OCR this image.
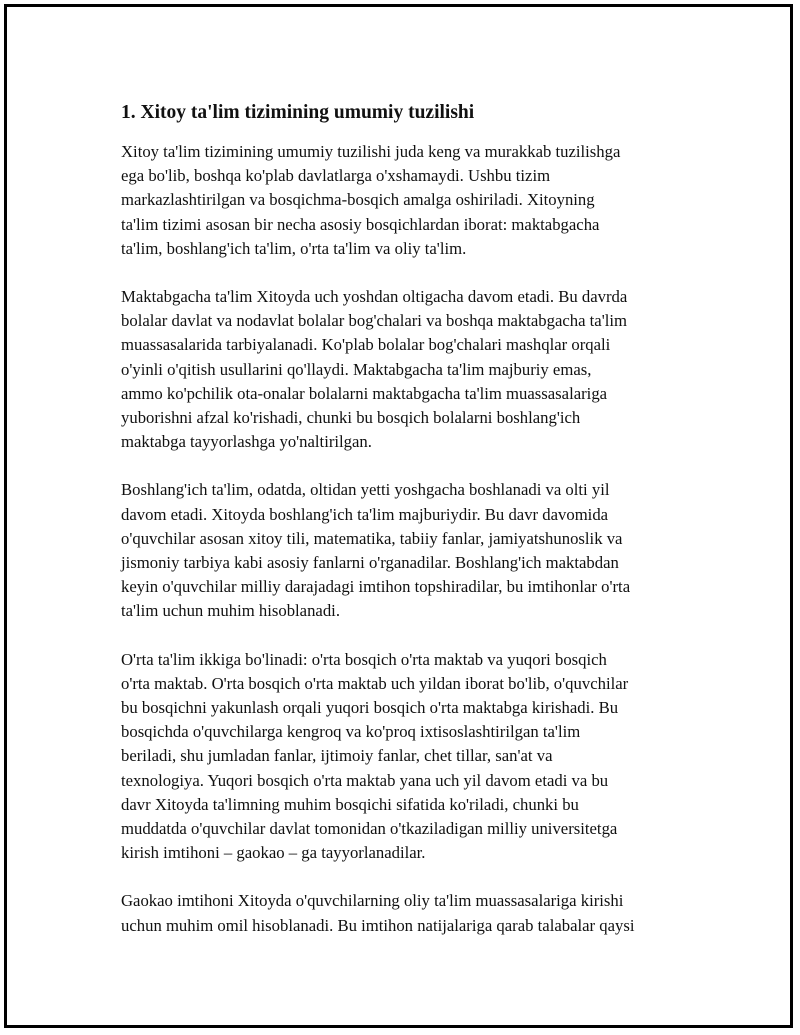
1. Xitoy ta'lim tizimining umumiy tuzilishi

Xitoy ta'lim tizimining umumiy tuzilishi juda keng va murakkab tuzilishga
ega bo'lib, boshqa ko'plab davlatlarga o'xshamaydi. Ushbu tizim
markazlashtirilgan va bosqichma-bosqich amalga oshiriladi. Xitoyning
ta'lim tizimi asosan bir necha asosiy bosqichlardan iborat: maktabgacha
ta'lim, boshlang'ich ta'lim, o'rta ta'lim va oliy ta'lim.

Maktabgacha ta'lim Xitoyda uch yoshdan oltigacha davom etadi. Bu davrda
bolalar davlat va nodavlat bolalar bog'chalari va boshqa maktabgacha ta'lim
muassasalarida tarbiyalanadi. Ko'plab bolalar bog'chalari mashqlar orqali
o'yinli o'qitish usullarini qo'llaydi. Maktabgacha ta'lim majburiy emas,
ammo ko'pchilik ota-onalar bolalarni maktabgacha ta'lim muassasalariga
yuborishni afzal ko'rishadi, chunki bu bosqich bolalarni boshlang'ich
maktabga tayyorlashga yo'naltirilgan.

Boshlang'ich ta'lim, odatda, oltidan yetti yoshgacha boshlanadi va olti yil
davom etadi. Xitoyda boshlang'ich ta'lim majburiydir. Bu davr davomida
o'quvchilar asosan xitoy tili, matematika, tabiiy fanlar, jamiyatshunoslik va
jismoniy tarbiya kabi asosiy fanlarni o'rganadilar. Boshlang'ich maktabdan
keyin o'quvchilar milliy darajadagi imtihon topshiradilar, bu imtihonlar o'rta
ta'lim uchun muhim hisoblanadi.

O'rta ta'lim ikkiga bo'linadi: o'rta bosqich o'rta maktab va yuqori bosqich
o'rta maktab. O'rta bosqich o'rta maktab uch yildan iborat bo'lib, o'quvchilar
bu bosqichni yakunlash orqali yuqori bosqich o'rta maktabga kirishadi. Bu
bosqichda o'quvchilarga kengroq va ko'proq ixtisoslashtirilgan ta'lim
beriladi, shu jumladan fanlar, ijtimoiy fanlar, chet tillar, san'at va
texnologiya. Yuqori bosqich o'rta maktab yana uch yil davom etadi va bu
davr Xitoyda ta'limning muhim bosqichi sifatida ko'riladi, chunki bu
muddatda o'quvchilar davlat tomonidan o'tkaziladigan milliy universitetga
kirish imtihoni – gaokao – ga tayyorlanadilar.

Gaokao imtihoni Xitoyda o'quvchilarning oliy ta'lim muassasalariga kirishi
uchun muhim omil hisoblanadi. Bu imtihon natijalariga qarab talabalar qaysi
